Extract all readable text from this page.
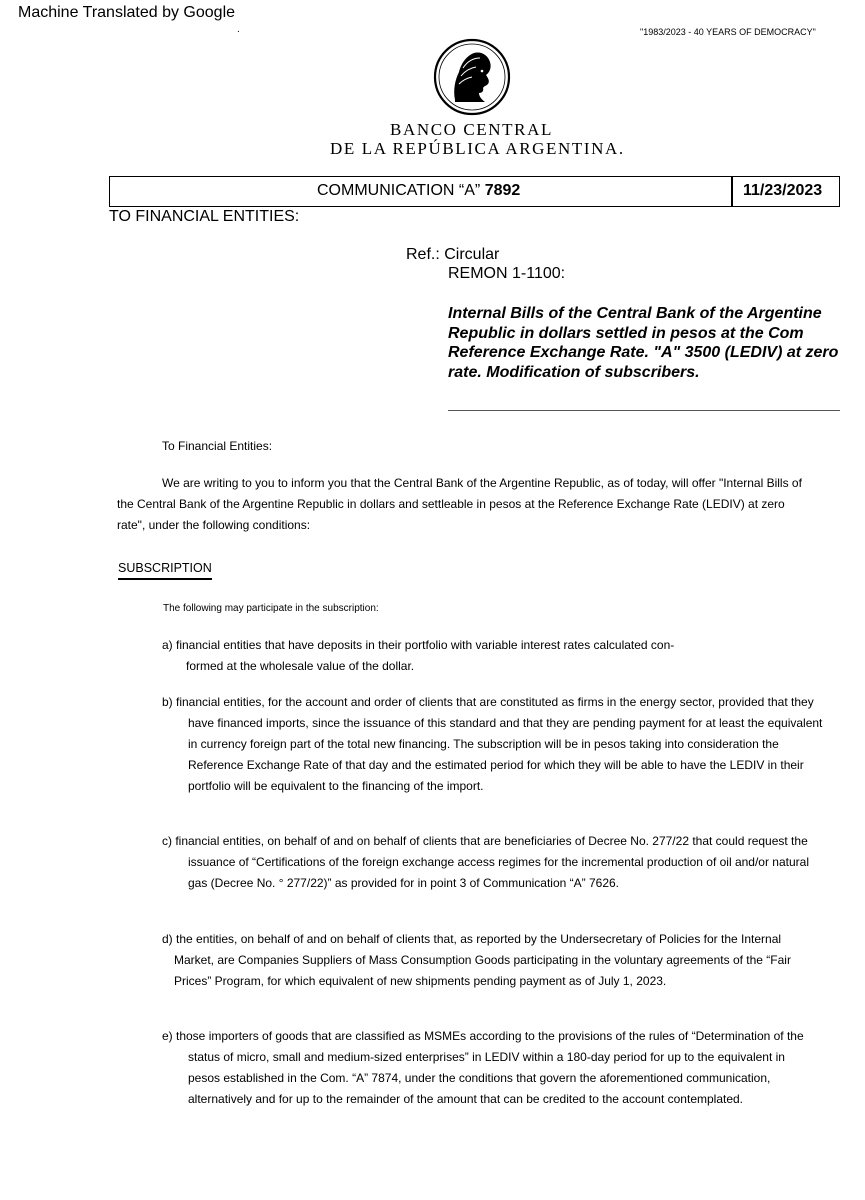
Machine Translated by Google
.	"1983/2023 - 40 YEARS OF DEMOCRACY"
BANCO CENTRAL
DE LA REPÚBLICA ARGENTINA.
COMMUNICATION “A” 7892	11/23/2023
TO FINANCIAL ENTITIES:
Ref.: Circular
REMON 1-1100:
Internal Bills of the Central Bank of the Argentine
Republic in dollars settled in pesos at the Com
Reference Exchange Rate. "A" 3500 (LEDIV) at zero
rate. Modification of subscribers.
To Financial Entities:
We are writing to you to inform you that the Central Bank of the Argentine Republic, as of today, will offer "Internal Bills of
the Central Bank of the Argentine Republic in dollars and settleable in pesos at the Reference Exchange Rate (LEDIV) at zero
rate", under the following conditions:
SUBSCRIPTION
The following may participate in the subscription:
a) financial entities that have deposits in their portfolio with variable interest rates calculated con-
formed at the wholesale value of the dollar.
b) financial entities, for the account and order of clients that are constituted as firms in the energy sector, provided that they
have financed imports, since the issuance of this standard and that they are pending payment for at least the equivalent
in currency foreign part of the total new financing. The subscription will be in pesos taking into consideration the
Reference Exchange Rate of that day and the estimated period for which they will be able to have the LEDIV in their
portfolio will be equivalent to the financing of the import.
c) financial entities, on behalf of and on behalf of clients that are beneficiaries of Decree No. 277/22 that could request the
issuance of “Certifications of the foreign exchange access regimes for the incremental production of oil and/or natural
gas (Decree No. ° 277/22)” as provided for in point 3 of Communication “A” 7626.
d) the entities, on behalf of and on behalf of clients that, as reported by the Undersecretary of Policies for the Internal
Market, are Companies Suppliers of Mass Consumption Goods participating in the voluntary agreements of the “Fair
Prices” Program, for which equivalent of new shipments pending payment as of July 1, 2023.
e) those importers of goods that are classified as MSMEs according to the provisions of the rules of “Determination of the
status of micro, small and medium-sized enterprises” in LEDIV within a 180-day period for up to the equivalent in
pesos established in the Com. “A” 7874, under the conditions that govern the aforementioned communication,
alternatively and for up to the remainder of the amount that can be credited to the account contemplated.
